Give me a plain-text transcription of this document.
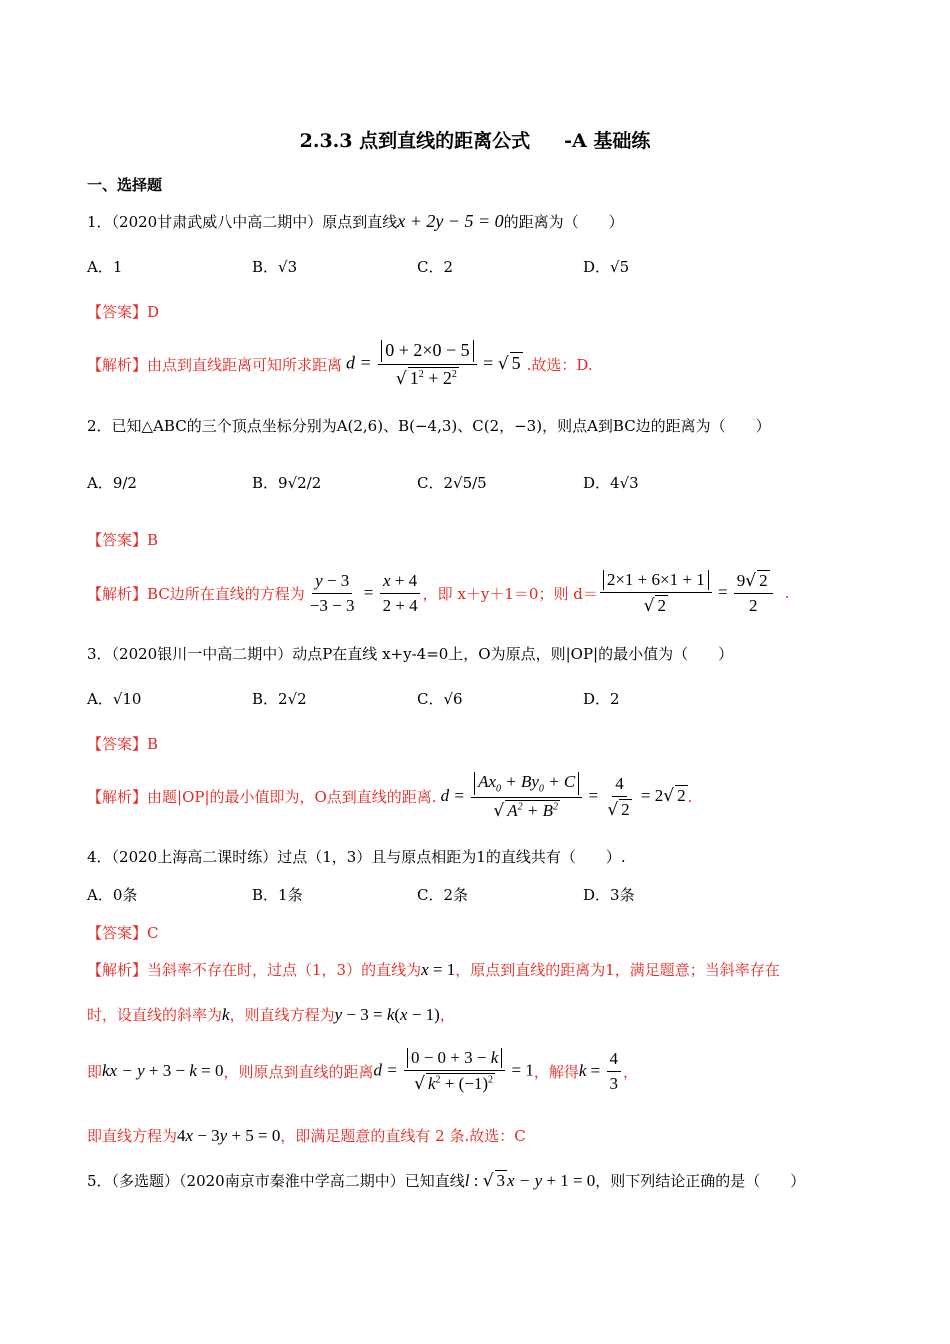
2.3.3 点到直线的距离公式 -A 基础练
一、选择题
1．（2020甘肃武威八中高二期中）原点到直线x + 2y − 5 = 0的距离为（　　）
A．1	B．√3	C．2	D．√5
【答案】D
【解析】 由点到直线距离可知所求距离 $d = \frac{0 + 2\times 0 - 5}{√ 1^2 + 2^2}$ = √ 5 .故选：D.
2．已知△ABC的三个顶点坐标分别为A(2,6)、B(−4,3)、C(2，−3)，则点A到BC边的距离为（　　）
A．9/2	B．9√2/2	C．2√5/5	D．4√3
【答案】B
【解析】 BC边所在直线的方程为 $\frac{y - 3}{-3 - 3} = \frac{x + 4}{2 + 4}$ ，即 x＋y＋1＝0；则 $d= \frac{2\times 1 + 6\times 1 + 1}{√ 2} = \frac{9√ 2}{2}$ .
3．（2020银川一中高二期中）动点P在直线 x+y-4=0上，O为原点，则|OP|的最小值为（　　）
A．√10	B．2√2	C．√6	D．2
【答案】B
【解析】 由题|OP|的最小值即为，O点到直线的距离. $d = \frac{Ax_0 + By_0 + C}{√ A^2 + B^2} = \frac{4}{√ 2} = 2√$ 2 .
4．（2020上海高二课时练）过点（1，3）且与原点相距为1的直线共有（　　）.
A．0条	B．1条	C．2条	D．3条
【答案】C
【解析】当斜率不存在时，过点（1，3）的直线为x = 1，原点到直线的距离为1，满足题意；当斜率存在
时，设直线的斜率为k，则直线方程为y − 3 = k(x − 1)，
即 kx − y + 3 − k = 0 ，则原点到直线的距离 $d = \frac{0 - 0 + 3 - k}{√ k^2 + (-1)^2} = 1$ ，解得 $k = \frac{4}{3}$ ，
即直线方程为4x − 3y + 5 = 0，即满足题意的直线有 2 条.故选：C
5．（多选题）（2020南京市秦淮中学高二期中）已知直线l : √ 3 x − y + 1 = 0，则下列结论正确的是（　　）
